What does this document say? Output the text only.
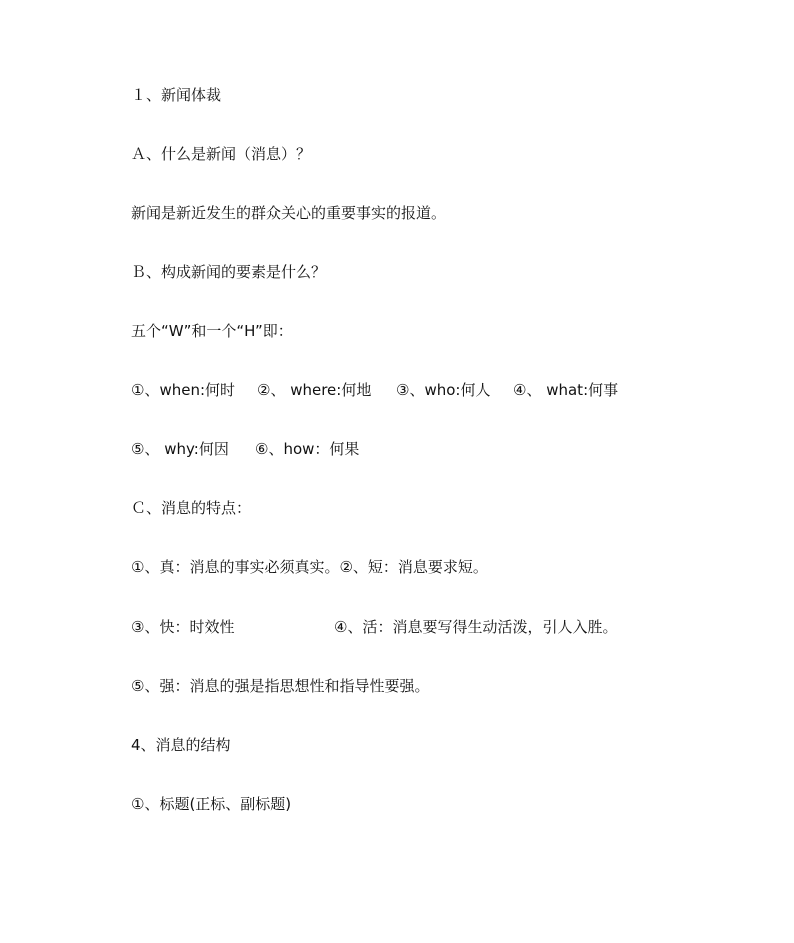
１、新闻体裁
Ａ、什么是新闻（消息）？
新闻是新近发生的群众关心的重要事实的报道。
Ｂ、构成新闻的要素是什么？
五个“W”和一个“H”即：
①、when:何时 ②、 where:何地 ③、who:何人 ④、 what:何事
⑤、 why:何因 ⑥、how：何果
Ｃ、消息的特点：
①、真：消息的事实必须真实。②、短：消息要求短。
③、快：时效性	④、活：消息要写得生动活泼，引人入胜。
⑤、强：消息的强是指思想性和指导性要强。
4、消息的结构
①、标题(正标、副标题)
